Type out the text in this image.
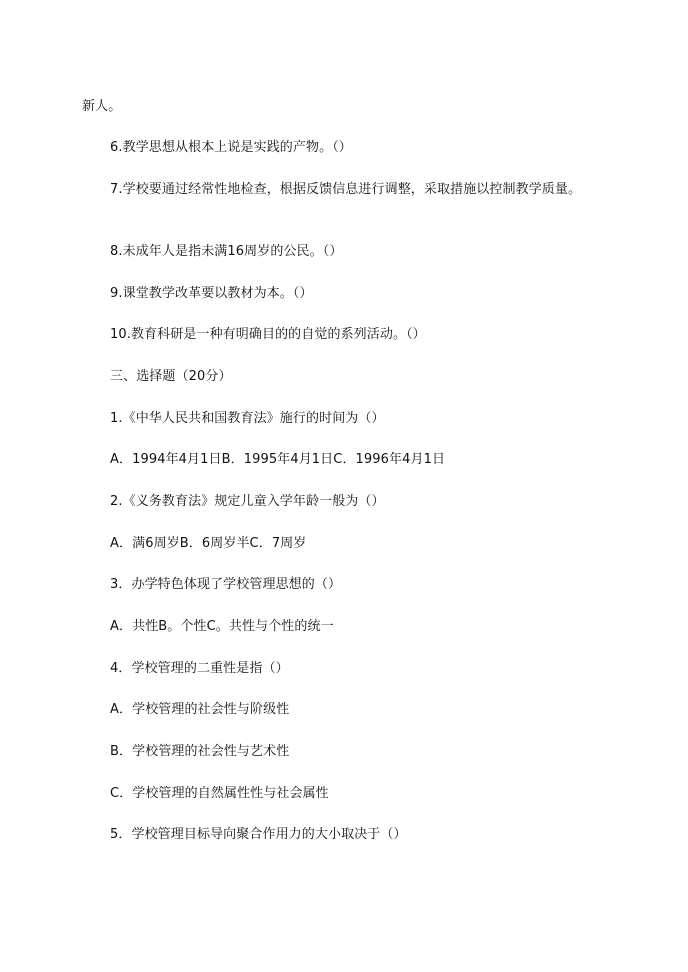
新人。
6.教学思想从根本上说是实践的产物。（）
7.学校要通过经常性地检查，根据反馈信息进行调整，采取措施以控制教学质量。
8.未成年人是指未满16周岁的公民。（）
9.课堂教学改革要以教材为本。（）
10.教育科研是一种有明确目的的自觉的系列活动。（）
三、选择题（20分）
1.《中华人民共和国教育法》施行的时间为（）
A．1994年4月1日B．1995年4月1日C．1996年4月1日
2.《义务教育法》规定儿童入学年龄一般为（）
A．满6周岁B．6周岁半C．7周岁
3．办学特色体现了学校管理思想的（）
A．共性B。个性C。共性与个性的统一
4．学校管理的二重性是指（）
A．学校管理的社会性与阶级性
B．学校管理的社会性与艺术性
C．学校管理的自然属性性与社会属性
5．学校管理目标导向聚合作用力的大小取决于（）
